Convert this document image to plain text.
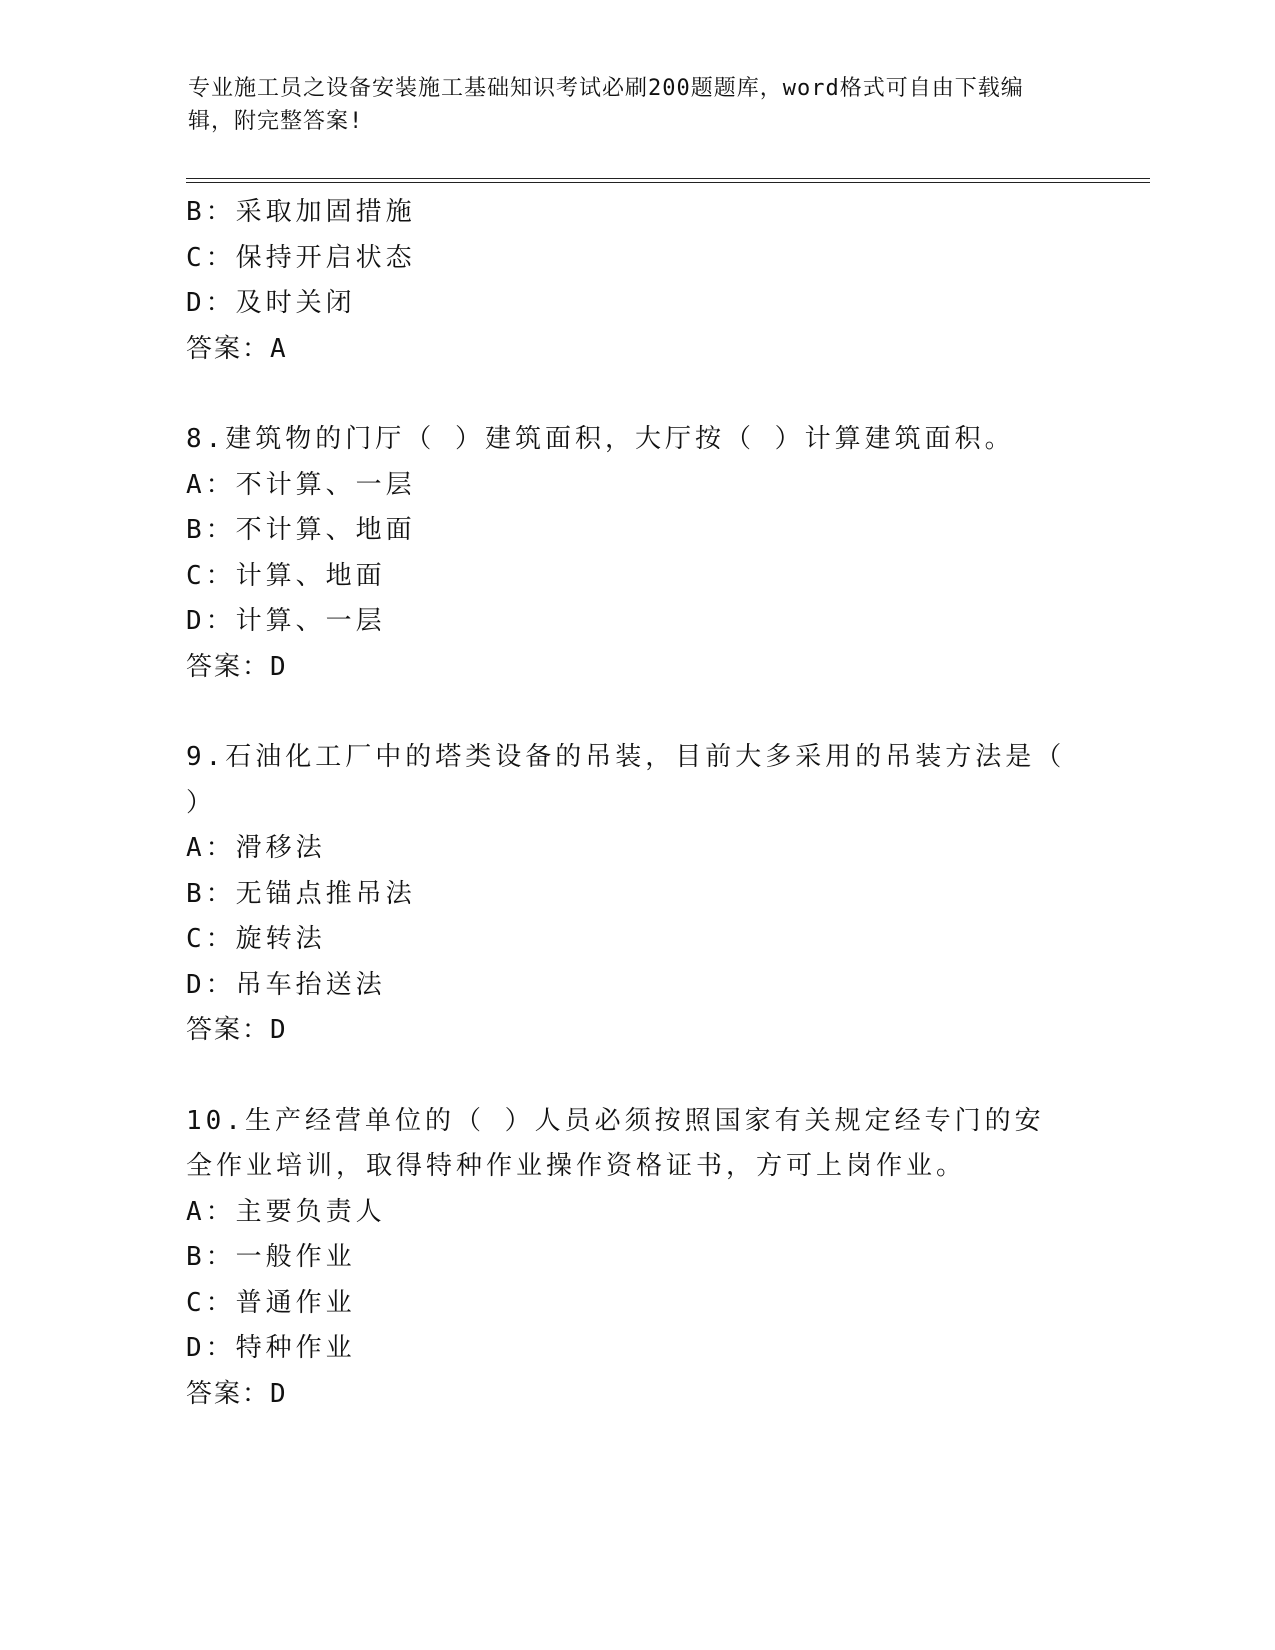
专业施工员之设备安装施工基础知识考试必刷200题题库，word格式可自由下载编辑，附完整答案!
B：采取加固措施
C：保持开启状态
D：及时关闭
答案：A
8.建筑物的门厅（ ）建筑面积，大厅按（ ）计算建筑面积。
A：不计算、一层
B：不计算、地面
C：计算、地面
D：计算、一层
答案：D
9.石油化工厂中的塔类设备的吊装，目前大多采用的吊装方法是（ ）
A：滑移法
B：无锚点推吊法
C：旋转法
D：吊车抬送法
答案：D
10.生产经营单位的（ ）人员必须按照国家有关规定经专门的安全作业培训，取得特种作业操作资格证书，方可上岗作业。
A：主要负责人
B：一般作业
C：普通作业
D：特种作业
答案：D
